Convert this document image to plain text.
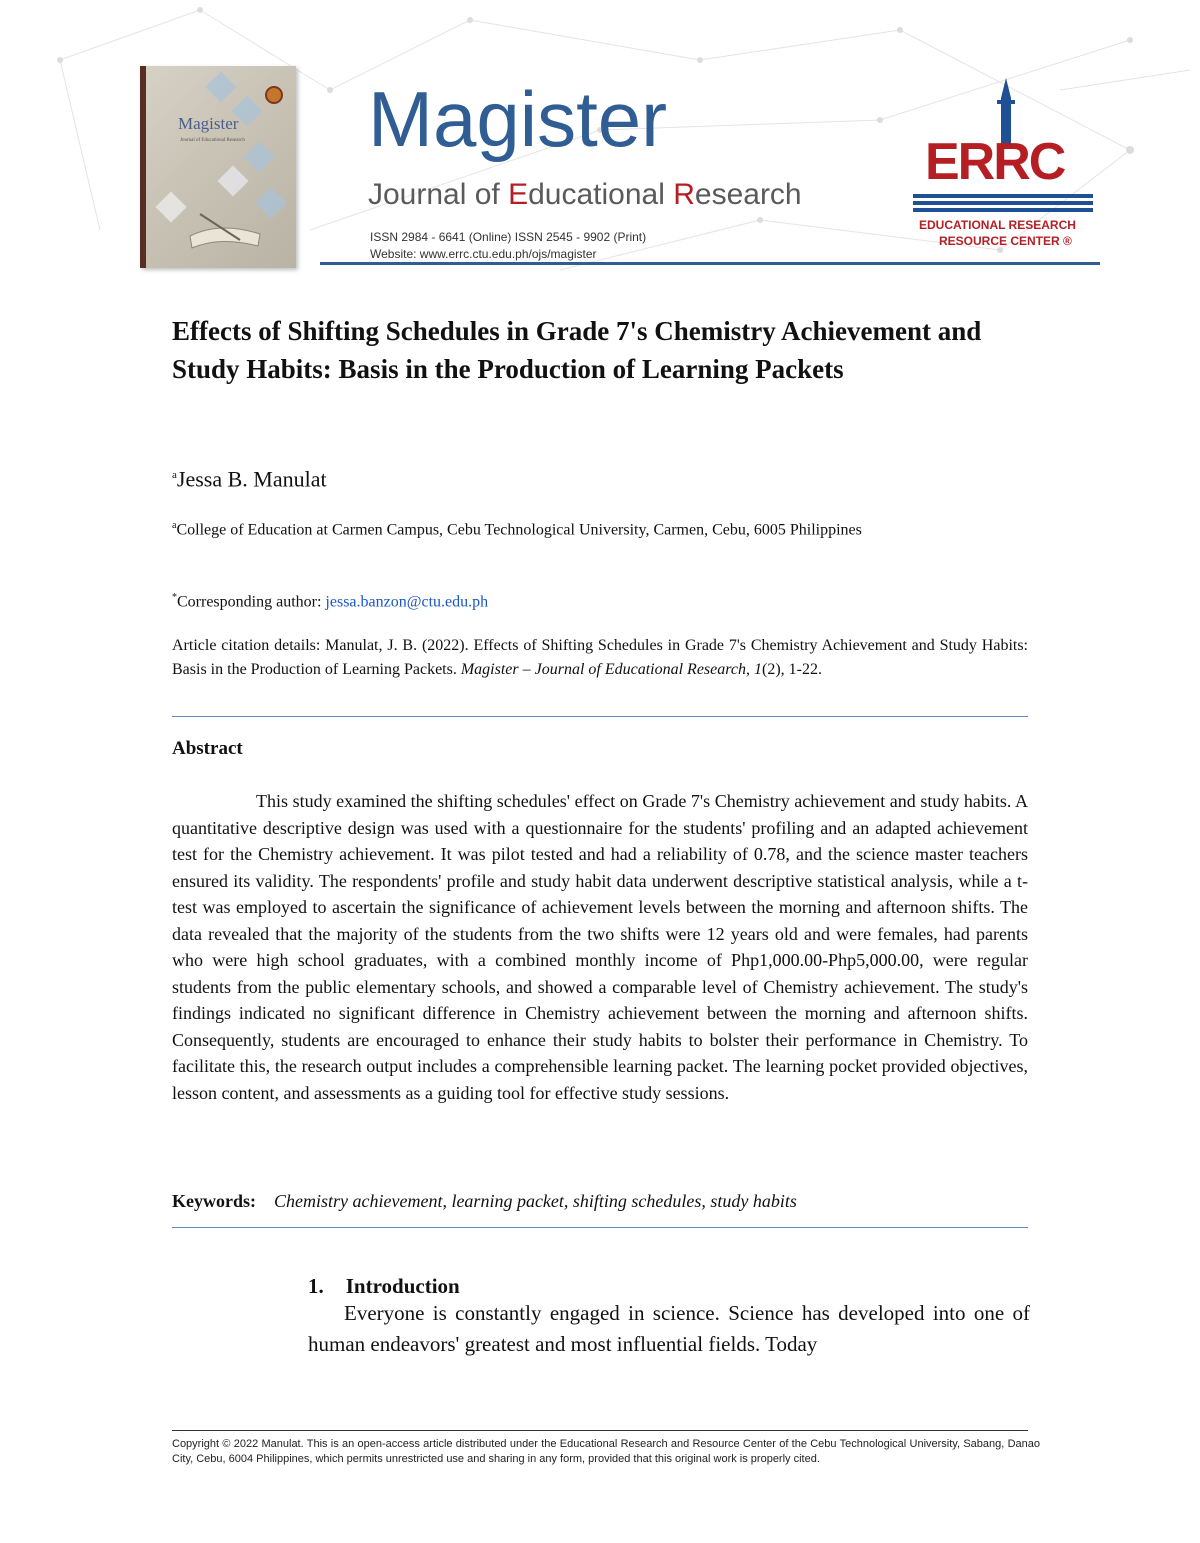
Magister
Journal of Educational Research Magister
Journal of Educational Research
ISSN 2984 - 6641 (Online) ISSN 2545 - 9902 (Print)
Website: www.errc.ctu.edu.ph/ojs/magister
ERRC
EDUCATIONAL RESEARCH
RESOURCE CENTER ®
Effects of Shifting Schedules in Grade 7's Chemistry Achievement and Study Habits: Basis in the Production of Learning Packets
$^a$Jessa B. Manulat
$^a$College of Education at Carmen Campus, Cebu Technological University, Carmen, Cebu, 6005 Philippines
*Corresponding author: jessa.banzon@ctu.edu.ph
Article citation details: Manulat, J. B. (2022). Effects of Shifting Schedules in Grade 7's Chemistry Achievement and Study Habits: Basis in the Production of Learning Packets. Magister – Journal of Educational Research, 1(2), 1-22.
Abstract
This study examined the shifting schedules' effect on Grade 7's Chemistry achievement and study habits. A quantitative descriptive design was used with a questionnaire for the students' profiling and an adapted achievement test for the Chemistry achievement. It was pilot tested and had a reliability of 0.78, and the science master teachers ensured its validity. The respondents' profile and study habit data underwent descriptive statistical analysis, while a t-test was employed to ascertain the significance of achievement levels between the morning and afternoon shifts. The data revealed that the majority of the students from the two shifts were 12 years old and were females, had parents who were high school graduates, with a combined monthly income of Php1,000.00-Php5,000.00, were regular students from the public elementary schools, and showed a comparable level of Chemistry achievement. The study's findings indicated no significant difference in Chemistry achievement between the morning and afternoon shifts. Consequently, students are encouraged to enhance their study habits to bolster their performance in Chemistry. To facilitate this, the research output includes a comprehensible learning packet. The learning pocket provided objectives, lesson content, and assessments as a guiding tool for effective study sessions.
Keywords: Chemistry achievement, learning packet, shifting schedules, study habits
1. Introduction
Everyone is constantly engaged in science. Science has developed into one of human endeavors' greatest and most influential fields. Today
Copyright © 2022 Manulat. This is an open-access article distributed under the Educational Research and Resource Center of the Cebu Technological University, Sabang, Danao City, Cebu, 6004 Philippines, which permits unrestricted use and sharing in any form, provided that this original work is properly cited.
